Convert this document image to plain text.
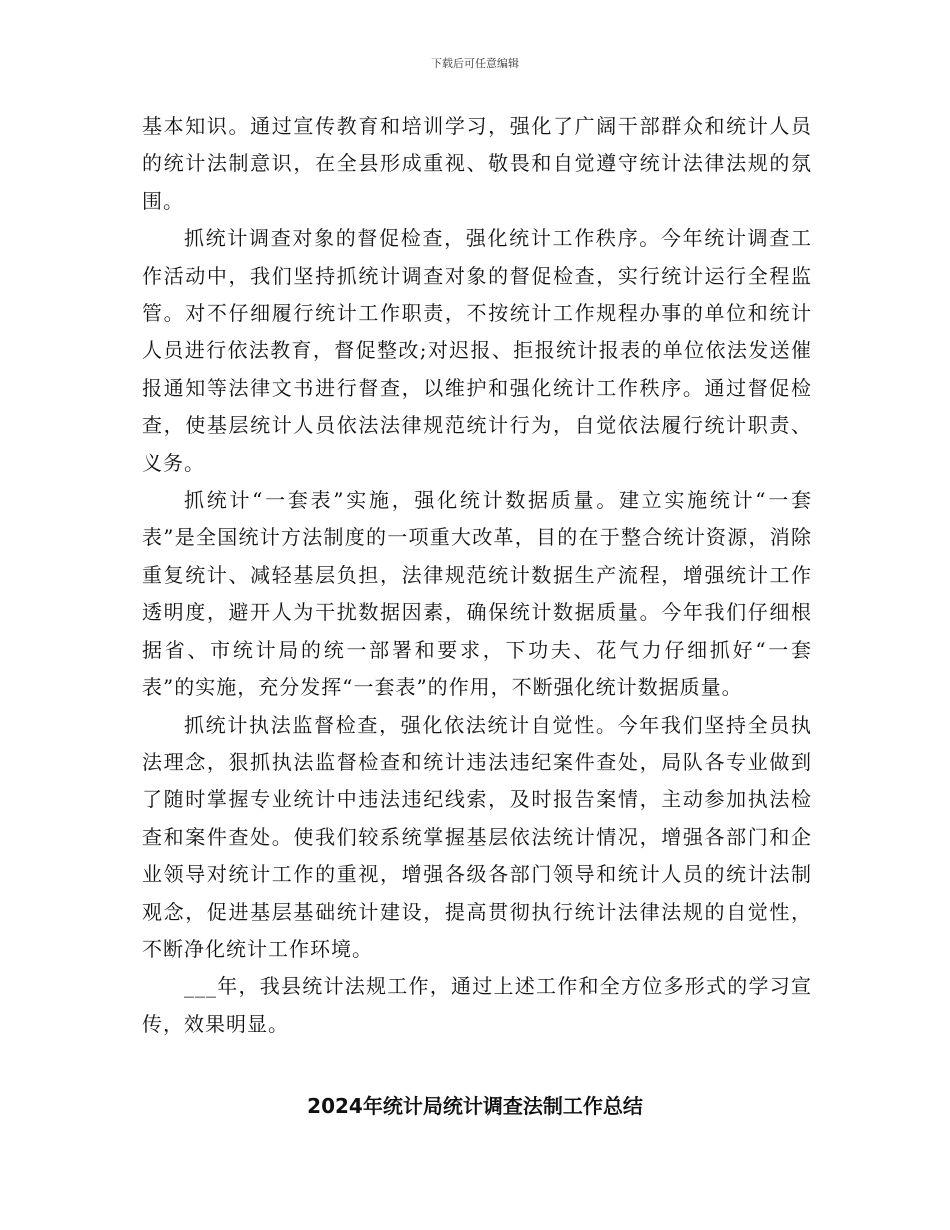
下载后可任意编辑

基本知识。通过宣传教育和培训学习，强化了广阔干部群众和统计人员的统计法制意识，在全县形成重视、敬畏和自觉遵守统计法律法规的氛围。

抓统计调查对象的督促检查，强化统计工作秩序。今年统计调查工作活动中，我们坚持抓统计调查对象的督促检查，实行统计运行全程监管。对不仔细履行统计工作职责，不按统计工作规程办事的单位和统计人员进行依法教育，督促整改;对迟报、拒报统计报表的单位依法发送催报通知等法律文书进行督查，以维护和强化统计工作秩序。通过督促检查，使基层统计人员依法法律规范统计行为，自觉依法履行统计职责、义务。

抓统计“一套表”实施，强化统计数据质量。建立实施统计“一套表”是全国统计方法制度的一项重大改革，目的在于整合统计资源，消除重复统计、减轻基层负担，法律规范统计数据生产流程，增强统计工作透明度，避开人为干扰数据因素，确保统计数据质量。今年我们仔细根据省、市统计局的统一部署和要求，下功夫、花气力仔细抓好“一套表”的实施，充分发挥“一套表”的作用，不断强化统计数据质量。

抓统计执法监督检查，强化依法统计自觉性。今年我们坚持全员执法理念，狠抓执法监督检查和统计违法违纪案件查处，局队各专业做到了随时掌握专业统计中违法违纪线索，及时报告案情，主动参加执法检查和案件查处。使我们较系统掌握基层依法统计情况，增强各部门和企业领导对统计工作的重视，增强各级各部门领导和统计人员的统计法制观念，促进基层基础统计建设，提高贯彻执行统计法律法规的自觉性，不断净化统计工作环境。

___年，我县统计法规工作，通过上述工作和全方位多形式的学习宣传，效果明显。

2024年统计局统计调查法制工作总结
